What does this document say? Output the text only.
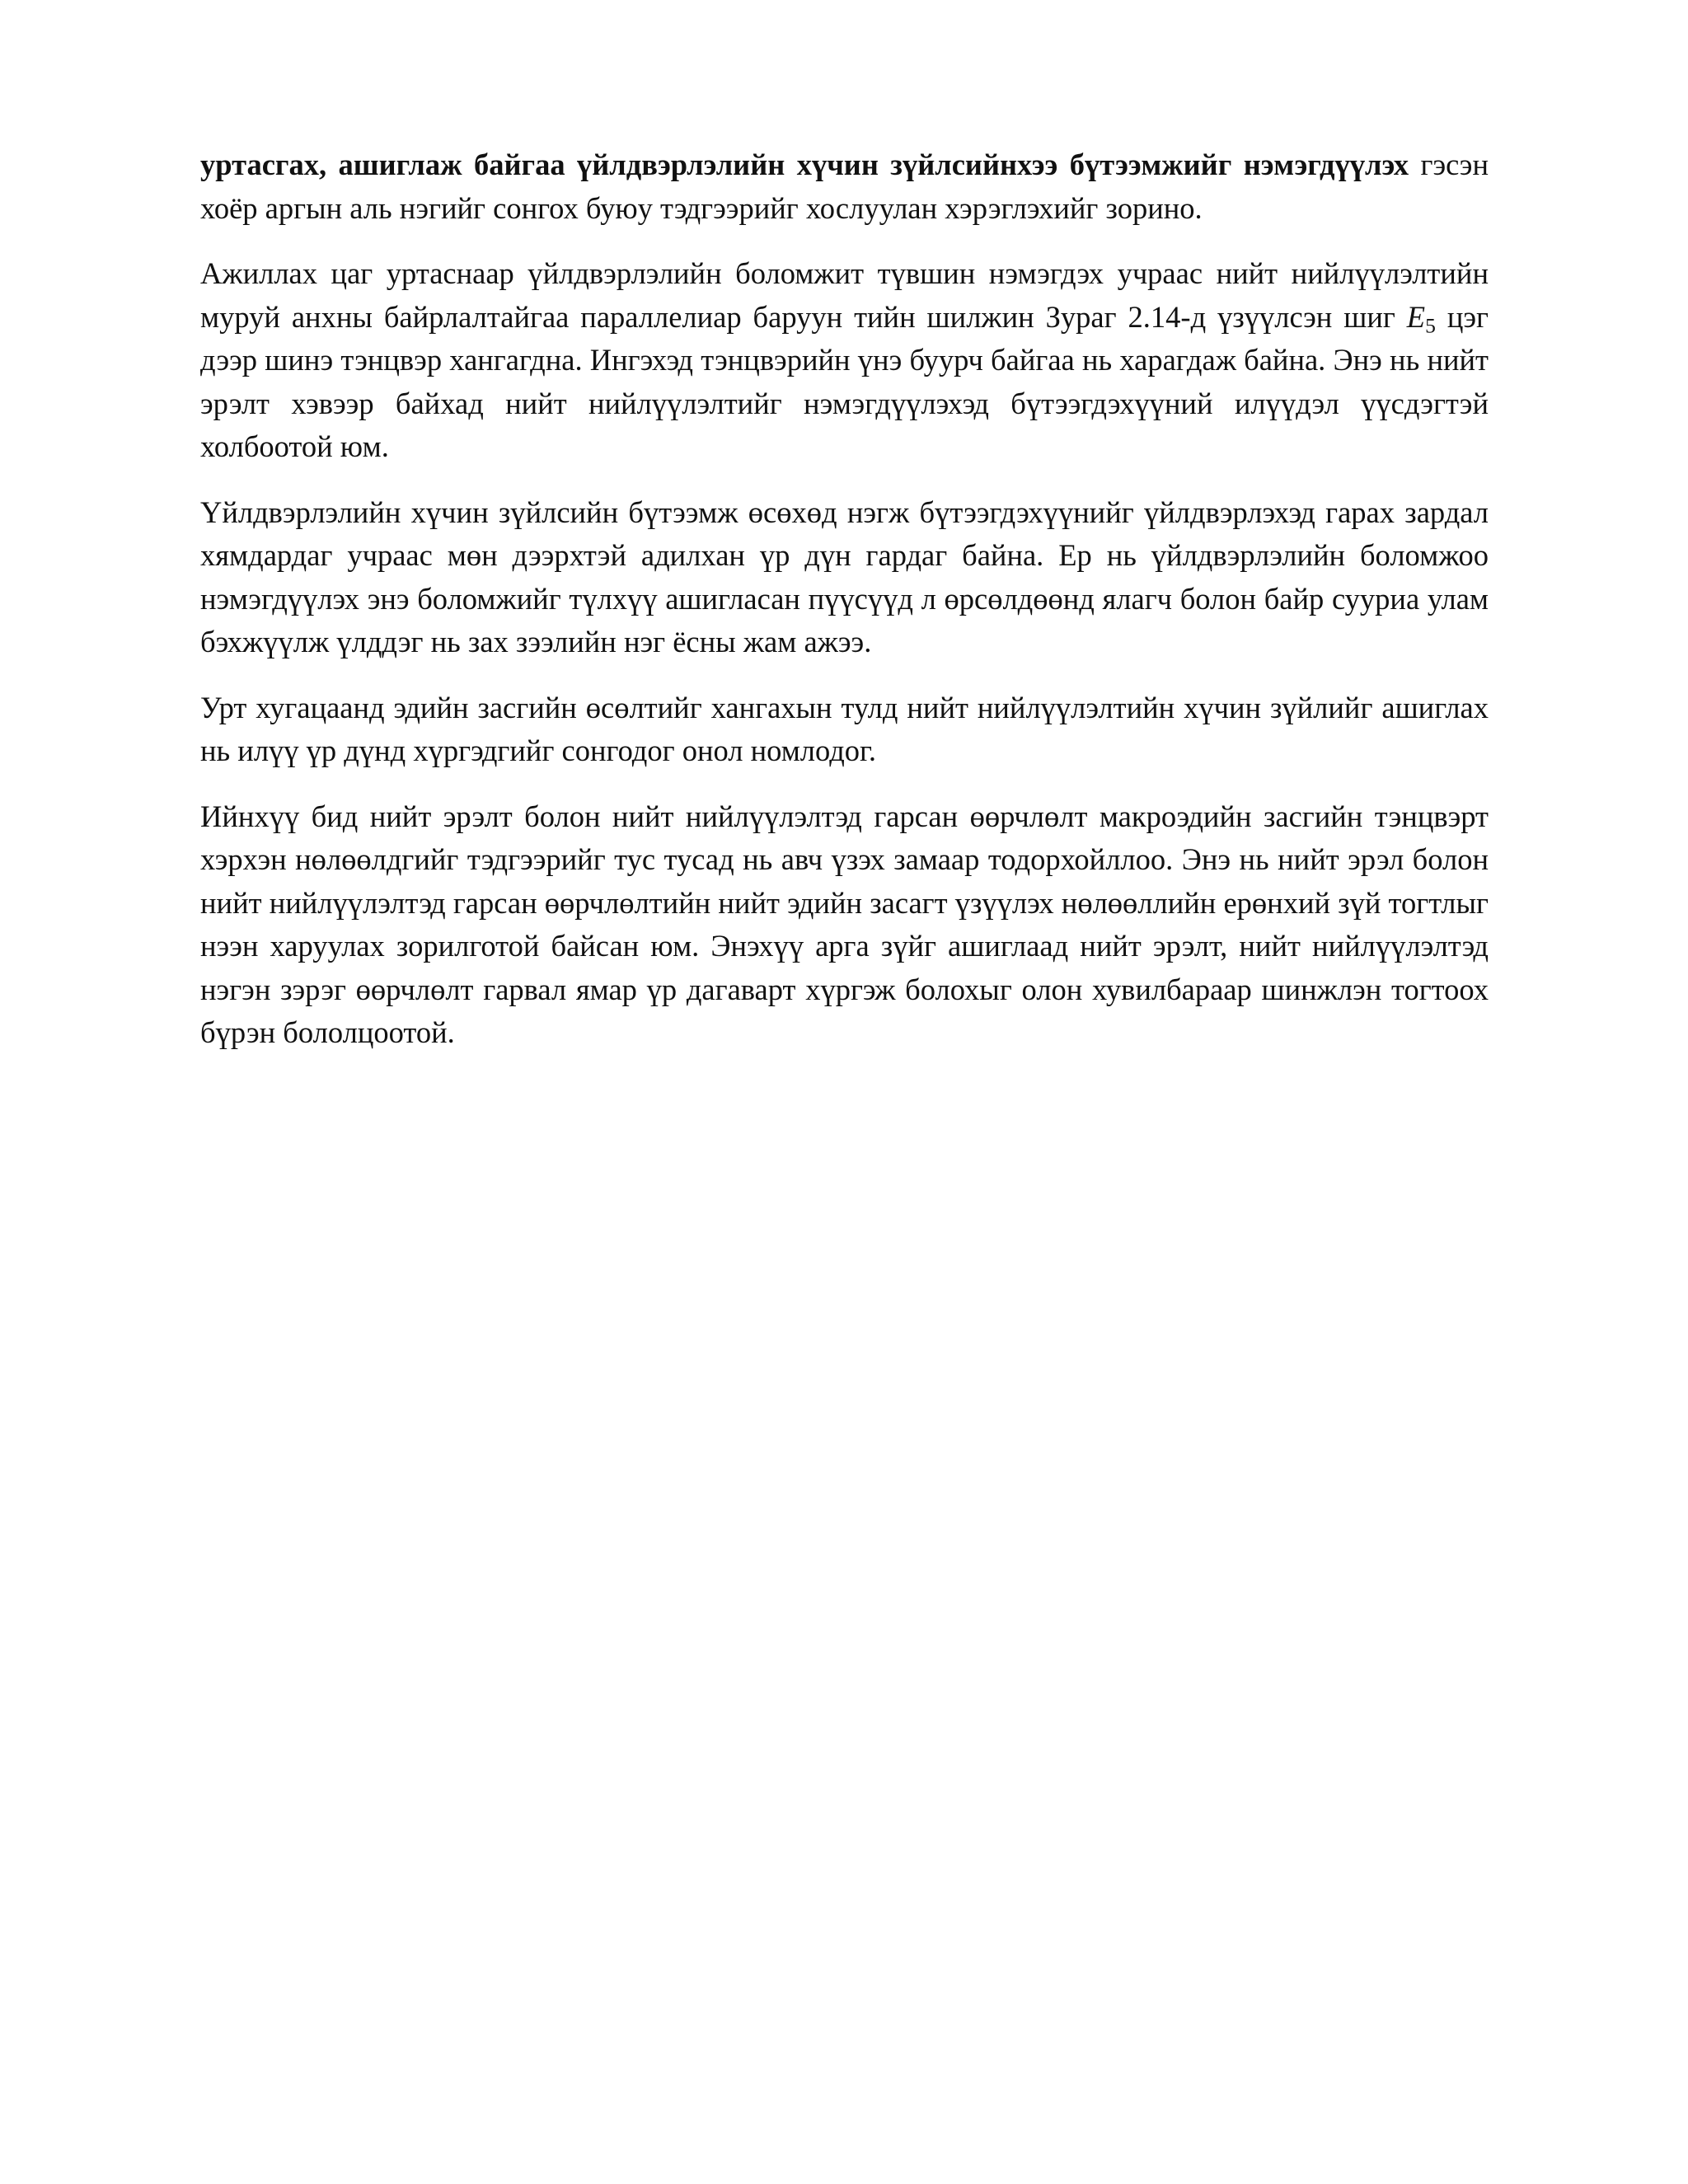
уртасгах, ашиглаж байгаа үйлдвэрлэлийн хүчин зүйлсийнхээ бүтээмжийг нэмэгдүүлэх гэсэн хоёр аргын аль нэгийг сонгох буюу тэдгээрийг хослуулан хэрэглэхийг зорино.

Ажиллах цаг уртаснаар үйлдвэрлэлийн боломжит түвшин нэмэгдэх учраас нийт нийлүүлэлтийн муруй анхны байрлалтайгаа параллелиар баруун тийн шилжин Зураг 2.14-д үзүүлсэн шиг $E_5$ цэг дээр шинэ тэнцвэр хангагдна. Ингэхэд тэнцвэрийн үнэ буурч байгаа нь харагдаж байна. Энэ нь нийт эрэлт хэвээр байхад нийт нийлүүлэлтийг нэмэгдүүлэхэд бүтээгдэхүүний илүүдэл үүсдэгтэй холбоотой юм.

Үйлдвэрлэлийн хүчин зүйлсийн бүтээмж өсөхөд нэгж бүтээгдэхүүнийг үйлдвэрлэхэд гарах зардал хямдардаг учраас мөн дээрхтэй адилхан үр дүн гардаг байна. Ер нь үйлдвэрлэлийн боломжоо нэмэгдүүлэх энэ боломжийг түлхүү ашигласан пүүсүүд л өрсөлдөөнд ялагч болон байр сууриа улам бэхжүүлж үлддэг нь зах зээлийн нэг ёсны жам ажээ.

Урт хугацаанд эдийн засгийн өсөлтийг хангахын тулд нийт нийлүүлэлтийн хүчин зүйлийг ашиглах нь илүү үр дүнд хүргэдгийг сонгодог онол номлодог.

Ийнхүү бид нийт эрэлт болон нийт нийлүүлэлтэд гарсан өөрчлөлт макроэдийн засгийн тэнцвэрт хэрхэн нөлөөлдгийг тэдгээрийг тус тусад нь авч үзэх замаар тодорхойллоо. Энэ нь нийт эрэл болон нийт нийлүүлэлтэд гарсан өөрчлөлтийн нийт эдийн засагт үзүүлэх нөлөөллийн ерөнхий зүй тогтлыг нээн харуулах зорилготой байсан юм. Энэхүү арга зүйг ашиглаад нийт эрэлт, нийт нийлүүлэлтэд нэгэн зэрэг өөрчлөлт гарвал ямар үр дагаварт хүргэж болохыг олон хувилбараар шинжлэн тогтоох бүрэн бололцоотой.
